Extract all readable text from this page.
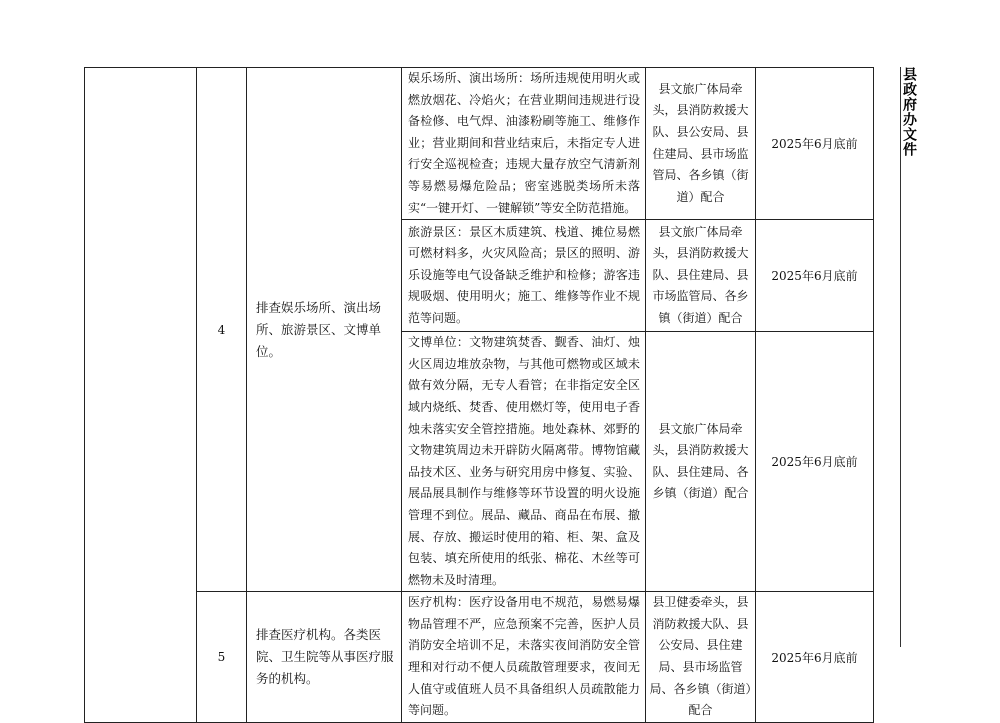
	4	排查娱乐场所、演出场所、旅游景区、文博单位。	娱乐场所、演出场所：场所违规使用明火或燃放烟花、冷焰火；在营业期间违规进行设备检修、电气焊、油漆粉刷等施工、维修作业；营业期间和营业结束后，未指定专人进行安全巡视检查；违规大量存放空气清新剂等易燃易爆危险品；密室逃脱类场所未落实“一键开灯、一键解锁”等安全防范措施。	县文旅广体局牵头，县消防救援大队、县公安局、县住建局、县市场监管局、各乡镇（街道）配合	2025年6月底前
			旅游景区：景区木质建筑、栈道、摊位易燃可燃材料多，火灾风险高；景区的照明、游乐设施等电气设备缺乏维护和检修；游客违规吸烟、使用明火；施工、维修等作业不规范等问题。	县文旅广体局牵头，县消防救援大队、县住建局、县市场监管局、各乡镇（街道）配合	2025年6月底前
			文博单位：文物建筑焚香、觐香、油灯、烛火区周边堆放杂物，与其他可燃物或区域未做有效分隔，无专人看管；在非指定安全区域内烧纸、焚香、使用燃灯等，使用电子香烛未落实安全管控措施。地处森林、郊野的文物建筑周边未开辟防火隔离带。博物馆藏品技术区、业务与研究用房中修复、实验、展品展具制作与维修等环节设置的明火设施管理不到位。展品、藏品、商品在布展、撤展、存放、搬运时使用的箱、柜、架、盒及包装、填充所使用的纸张、棉花、木丝等可燃物未及时清理。	县文旅广体局牵头，县消防救援大队、县住建局、各乡镇（街道）配合	2025年6月底前
	5	排查医疗机构。各类医院、卫生院等从事医疗服务的机构。	医疗机构：医疗设备用电不规范，易燃易爆物品管理不严，应急预案不完善，医护人员消防安全培训不足，未落实夜间消防安全管理和对行动不便人员疏散管理要求，夜间无人值守或值班人员不具备组织人员疏散能力等问题。	县卫健委牵头，县消防救援大队、县公安局、县住建局、县市场监管局、各乡镇（街道）配合	2025年6月底前
县政府办文件
